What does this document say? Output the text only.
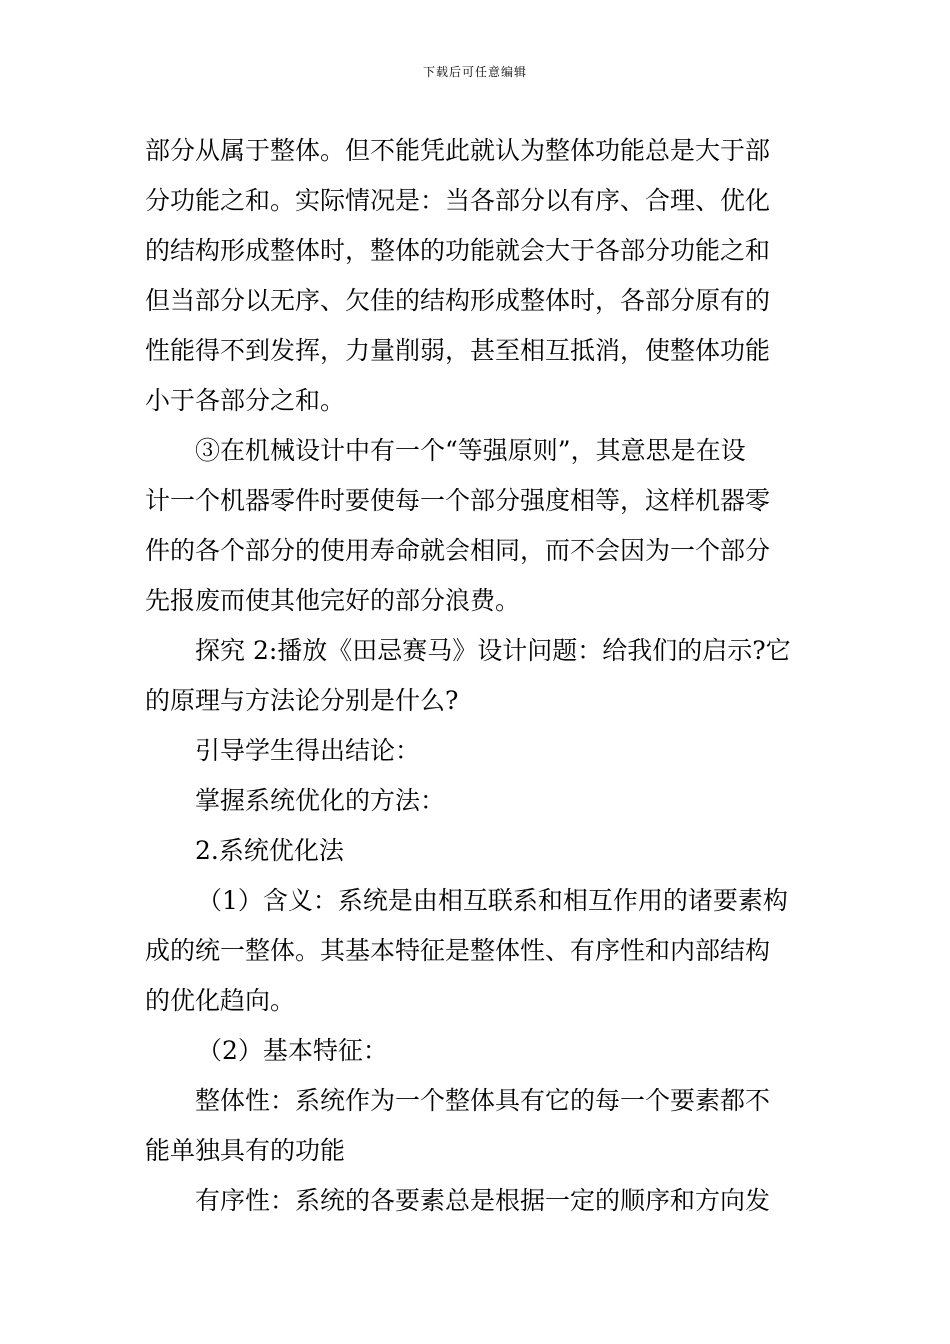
下载后可任意编辑
部分从属于整体。但不能凭此就认为整体功能总是大于部
分功能之和。实际情况是：当各部分以有序、合理、优化
的结构形成整体时，整体的功能就会大于各部分功能之和
但当部分以无序、欠佳的结构形成整体时，各部分原有的
性能得不到发挥，力量削弱，甚至相互抵消，使整体功能
小于各部分之和。
③在机械设计中有一个“等强原则”，其意思是在设
计一个机器零件时要使每一个部分强度相等，这样机器零
件的各个部分的使用寿命就会相同，而不会因为一个部分
先报废而使其他完好的部分浪费。
探究 2:播放《田忌赛马》设计问题：给我们的启示?它
的原理与方法论分别是什么?
引导学生得出结论：
掌握系统优化的方法：
2.系统优化法
（1）含义：系统是由相互联系和相互作用的诸要素构
成的统一整体。其基本特征是整体性、有序性和内部结构
的优化趋向。
（2）基本特征：
整体性：系统作为一个整体具有它的每一个要素都不
能单独具有的功能
有序性：系统的各要素总是根据一定的顺序和方向发
